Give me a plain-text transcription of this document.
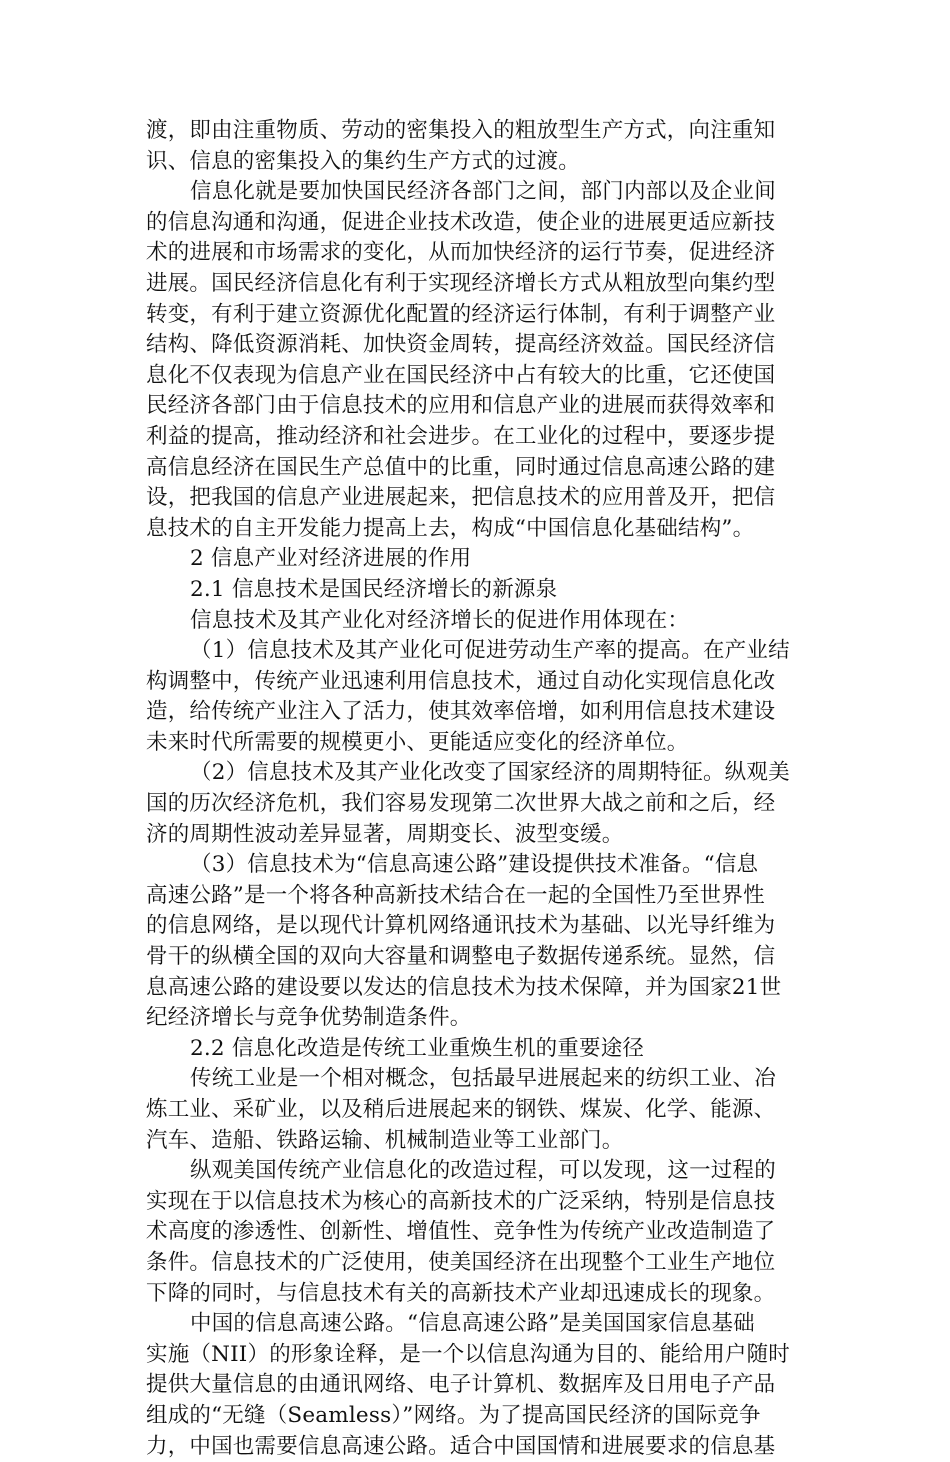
渡，即由注重物质、劳动的密集投入的粗放型生产方式，向注重知
识、信息的密集投入的集约生产方式的过渡。
信息化就是要加快国民经济各部门之间，部门内部以及企业间
的信息沟通和沟通，促进企业技术改造，使企业的进展更适应新技
术的进展和市场需求的变化，从而加快经济的运行节奏，促进经济
进展。国民经济信息化有利于实现经济增长方式从粗放型向集约型
转变，有利于建立资源优化配置的经济运行体制，有利于调整产业
结构、降低资源消耗、加快资金周转，提高经济效益。国民经济信
息化不仅表现为信息产业在国民经济中占有较大的比重，它还使国
民经济各部门由于信息技术的应用和信息产业的进展而获得效率和
利益的提高，推动经济和社会进步。在工业化的过程中，要逐步提
高信息经济在国民生产总值中的比重，同时通过信息高速公路的建
设，把我国的信息产业进展起来，把信息技术的应用普及开，把信
息技术的自主开发能力提高上去，构成“中国信息化基础结构”。
2 信息产业对经济进展的作用
2.1 信息技术是国民经济增长的新源泉
信息技术及其产业化对经济增长的促进作用体现在：
（1）信息技术及其产业化可促进劳动生产率的提高。在产业结
构调整中，传统产业迅速利用信息技术，通过自动化实现信息化改
造，给传统产业注入了活力，使其效率倍增，如利用信息技术建设
未来时代所需要的规模更小、更能适应变化的经济单位。
（2）信息技术及其产业化改变了国家经济的周期特征。纵观美
国的历次经济危机，我们容易发现第二次世界大战之前和之后，经
济的周期性波动差异显著，周期变长、波型变缓。
（3）信息技术为“信息高速公路”建设提供技术准备。“信息
高速公路”是一个将各种高新技术结合在一起的全国性乃至世界性
的信息网络，是以现代计算机网络通讯技术为基础、以光导纤维为
骨干的纵横全国的双向大容量和调整电子数据传递系统。显然，信
息高速公路的建设要以发达的信息技术为技术保障，并为国家21世
纪经济增长与竞争优势制造条件。
2.2 信息化改造是传统工业重焕生机的重要途径
传统工业是一个相对概念，包括最早进展起来的纺织工业、冶
炼工业、采矿业，以及稍后进展起来的钢铁、煤炭、化学、能源、
汽车、造船、铁路运输、机械制造业等工业部门。
纵观美国传统产业信息化的改造过程，可以发现，这一过程的
实现在于以信息技术为核心的高新技术的广泛采纳，特别是信息技
术高度的渗透性、创新性、增值性、竞争性为传统产业改造制造了
条件。信息技术的广泛使用，使美国经济在出现整个工业生产地位
下降的同时，与信息技术有关的高新技术产业却迅速成长的现象。
中国的信息高速公路。“信息高速公路”是美国国家信息基础
实施（NII）的形象诠释，是一个以信息沟通为目的、能给用户随时
提供大量信息的由通讯网络、电子计算机、数据库及日用电子产品
组成的“无缝（Seamless）”网络。为了提高国民经济的国际竞争
力，中国也需要信息高速公路。适合中国国情和进展要求的信息基
